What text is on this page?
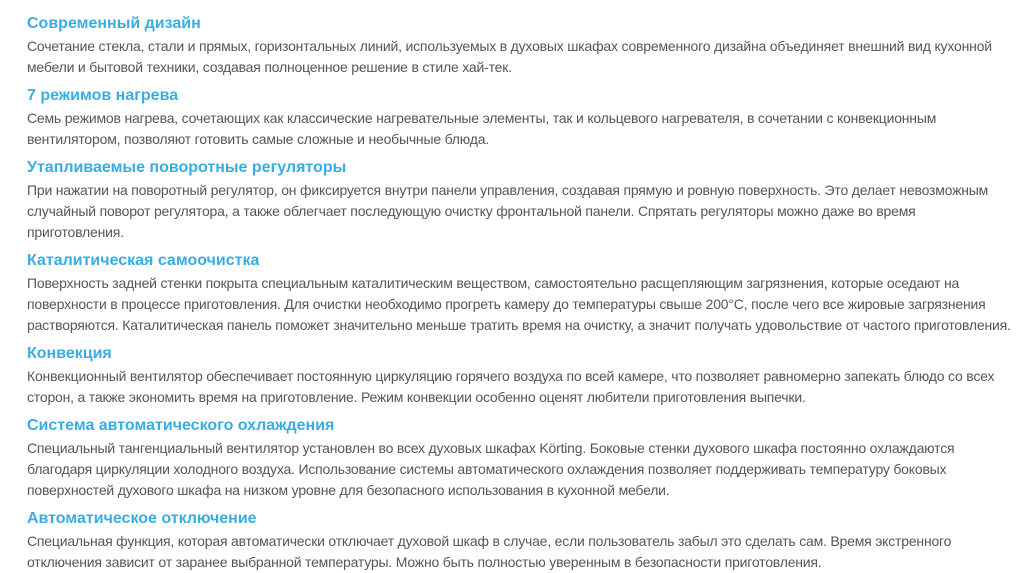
Современный дизайн

Сочетание стекла, стали и прямых, горизонтальных линий, используемых в духовых шкафах современного дизайна объединяет внешний вид кухонной мебели и бытовой техники, создавая полноценное решение в стиле хай-тек.

7 режимов нагрева

Семь режимов нагрева, сочетающих как классические нагревательные элементы, так и кольцевого нагревателя, в сочетании с конвекционным вентилятором, позволяют готовить самые сложные и необычные блюда.

Утапливаемые поворотные регуляторы

При нажатии на поворотный регулятор, он фиксируется внутри панели управления, создавая прямую и ровную поверхность. Это делает невозможным случайный поворот регулятора, а также облегчает последующую очистку фронтальной панели. Спрятать регуляторы можно даже во время приготовления.

Каталитическая самоочистка

Поверхность задней стенки покрыта специальным каталитическим веществом, самостоятельно расщепляющим загрязнения, которые оседают на поверхности в процессе приготовления. Для очистки необходимо прогреть камеру до температуры свыше 200°С, после чего все жировые загрязнения растворяются. Каталитическая панель поможет значительно меньше тратить время на очистку, а значит получать удовольствие от частого приготовления.

Конвекция

Конвекционный вентилятор обеспечивает постоянную циркуляцию горячего воздуха по всей камере, что позволяет равномерно запекать блюдо со всех сторон, а также экономить время на приготовление. Режим конвекции особенно оценят любители приготовления выпечки.

Система автоматического охлаждения

Специальный тангенциальный вентилятор установлен во всех духовых шкафах Körting. Боковые стенки духового шкафа постоянно охлаждаются благодаря циркуляции холодного воздуха. Использование системы автоматического охлаждения позволяет поддерживать температуру боковых поверхностей духового шкафа на низком уровне для безопасного использования в кухонной мебели.

Автоматическое отключение

Специальная функция, которая автоматически отключает духовой шкаф в случае, если пользователь забыл это сделать сам. Время экстренного отключения зависит от заранее выбранной температуры. Можно быть полностью уверенным в безопасности приготовления.
